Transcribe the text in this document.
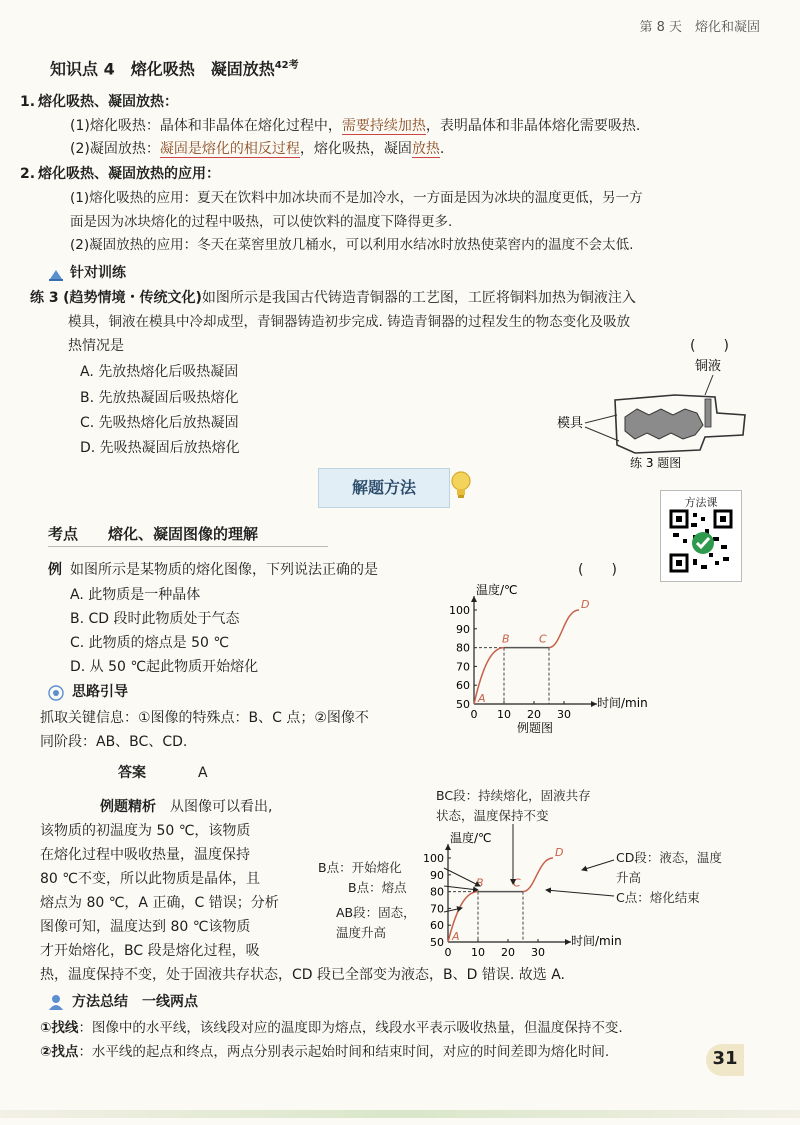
第 8 天　熔化和凝固
知识点 4　熔化吸热　凝固放热$^{42考}$
1. 熔化吸热、凝固放热：
(1)熔化吸热：晶体和非晶体在熔化过程中，需要持续加热，表明晶体和非晶体熔化需要吸热.
(2)凝固放热：凝固是熔化的相反过程，熔化吸热，凝固放热.
2. 熔化吸热、凝固放热的应用：
(1)熔化吸热的应用：夏天在饮料中加冰块而不是加冷水，一方面是因为冰块的温度更低，另一方
面是因为冰块熔化的过程中吸热，可以使饮料的温度下降得更多.
(2)凝固放热的应用：冬天在菜窖里放几桶水，可以利用水结冰时放热使菜窖内的温度不会太低.
针对训练
练 3 (趋势情境・传统文化)如图所示是我国古代铸造青铜器的工艺图，工匠将铜料加热为铜液注入
模具，铜液在模具中冷却成型，青铜器铸造初步完成. 铸造青铜器的过程发生的物态变化及吸放
热情况是	(　　)
A. 先放热熔化后吸热凝固
B. 先放热凝固后吸热熔化
C. 先吸热熔化后放热凝固
D. 先吸热凝固后放热熔化
铜液
模具
练 3 题图
解题方法
方法课
考点 熔化、凝固图像的理解
例 如图所示是某物质的熔化图像，下列说法正确的是	(　　)
A. 此物质是一种晶体
B. CD 段时此物质处于气态
C. 此物质的熔点是 50 ℃
D. 从 50 ℃起此物质开始熔化
温度/℃
时间/min
50
60
70
80
90
100
0 10 20 30
A
B	C
D
例题图
思路引导
抓取关键信息：①图像的特殊点：B、C 点；②图像不
同阶段：AB、BC、CD.
答案	A
例题精析　 从图像可以看出,
该物质的初温度为 50 ℃，该物质
在熔化过程中吸收热量，温度保持
80 ℃不变，所以此物质是晶体，且
熔点为 80 ℃，A 正确，C 错误；分析
图像可知，温度达到 80 ℃该物质
才开始熔化，BC 段是熔化过程，吸
热，温度保持不变，处于固液共存状态，CD 段已全部变为液态，B、D 错误. 故选 A.
BC段：持续熔化，固液共存
状态，温度保持不变
B点：开始熔化
B点：熔点
AB段：固态，
温度升高
CD段：液态，温度
升高
C点：熔化结束
温度/℃
时间/min
50
60
70
80
90
100
0 10 20 30
A
B	C
D
方法总结　一线两点
①找线：图像中的水平线，该线段对应的温度即为熔点，线段水平表示吸收热量，但温度保持不变.
②找点：水平线的起点和终点，两点分别表示起始时间和结束时间，对应的时间差即为熔化时间.	31
